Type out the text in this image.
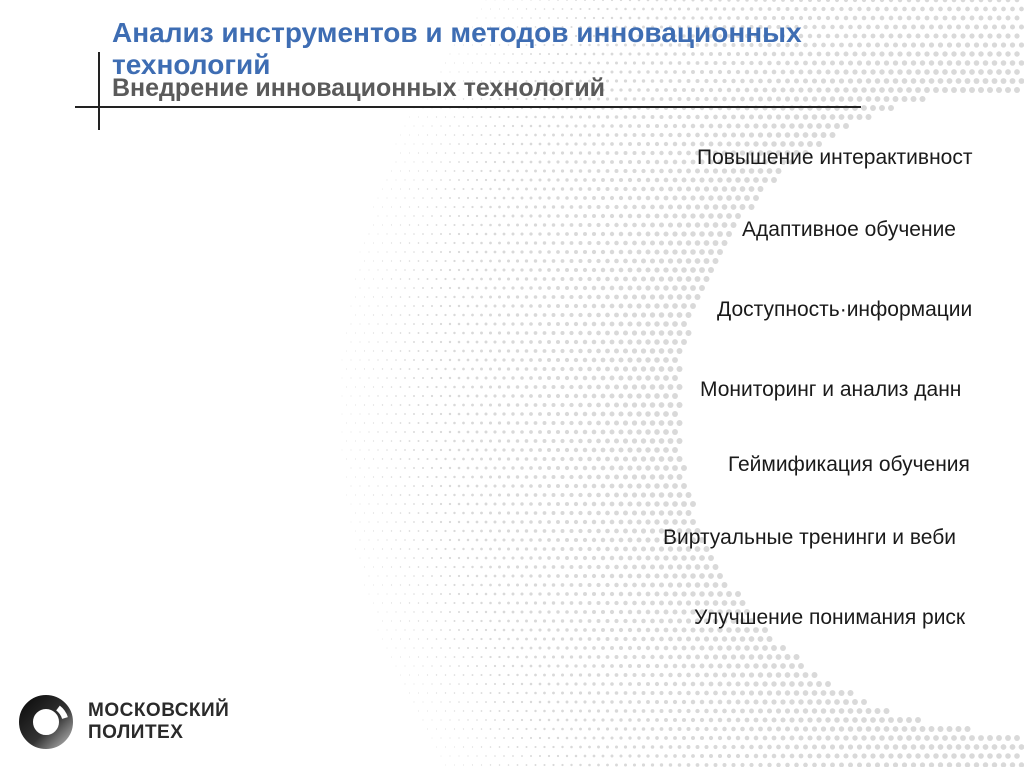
Анализ инструментов и методов инновационных технологий
Внедрение инновационных технологий
Повышение интерактивност
Адаптивное обучение
Доступность·информации
Мониторинг и анализ данн
Геймификация обучения
Виртуальные тренинги и веби
Улучшение понимания риск
МОСКОВСКИЙ
ПОЛИТЕХ
